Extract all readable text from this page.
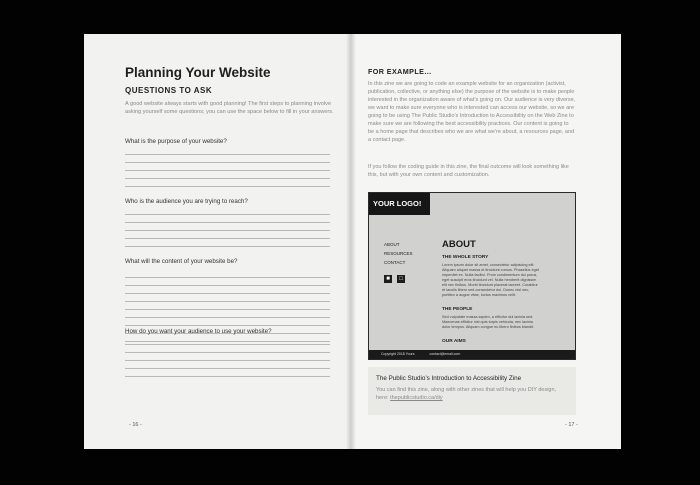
Planning Your Website
QUESTIONS TO ASK
A good website always starts with good planning! The first steps to planning involve asking yourself some questions; you can use the space below to fill in your answers.
What is the purpose of your website?
Who is the audience you are trying to reach?
What will the content of your website be?
How do you want your audience to use your website?
- 16 -
FOR EXAMPLE...
In this zine we are going to code an example website for an organization (activist, publication, collective, or anything else) the purpose of the website is to make people interested in the organization aware of what’s going on. Our audience is very diverse, we want to make sure everyone who is interested can access our website, so we are going to be using The Public Studio’s Introduction to Accessibility on the Web Zine to make sure we are following the best accessibility practices. Our content is going to be a home page that describes who we are what we’re about, a resources page, and a contact page.
If you follow the coding guide in this zine, the final outcome will look something like this, but with your own content and customization.
YOUR LOGO!
ABOUT
RESOURCES
CONTACT
■	□
ABOUT
THE WHOLE STORY
Lorem ipsum dolor sit amet, consectetur adipiscing elit. Aliquam aliquet massa et tincidunt cursus. Phasellus eget imperdiet ex. Nulla facilisi. Proin condimentum dui purus, eget suscipit eros tincidunt vel. Nulla hendrerit dignissim elit nec finibus. Morbi tincidunt placerat laoreet. Curabitur et iaculis libero sed consectetur dui. Donec nisl nec, porttitor a augue vitae, luctus maximus velit.
THE PEOPLE
Sed vulputate massa sapien, a efficitur dui lacinia sed. Maecenas efficitur nisl quis turpis vehicula, nec lacinia dolor tempus. Aliquam congue eu libero finibus blandit.
OUR AIMS
Copyright 2018 Yours	contact@email.com
The Public Studio’s Introduction to Accessibility Zine
You can find this zine, along with other zines that will help you DIY design, here: thepublicstudio.ca/diy
- 17 -
